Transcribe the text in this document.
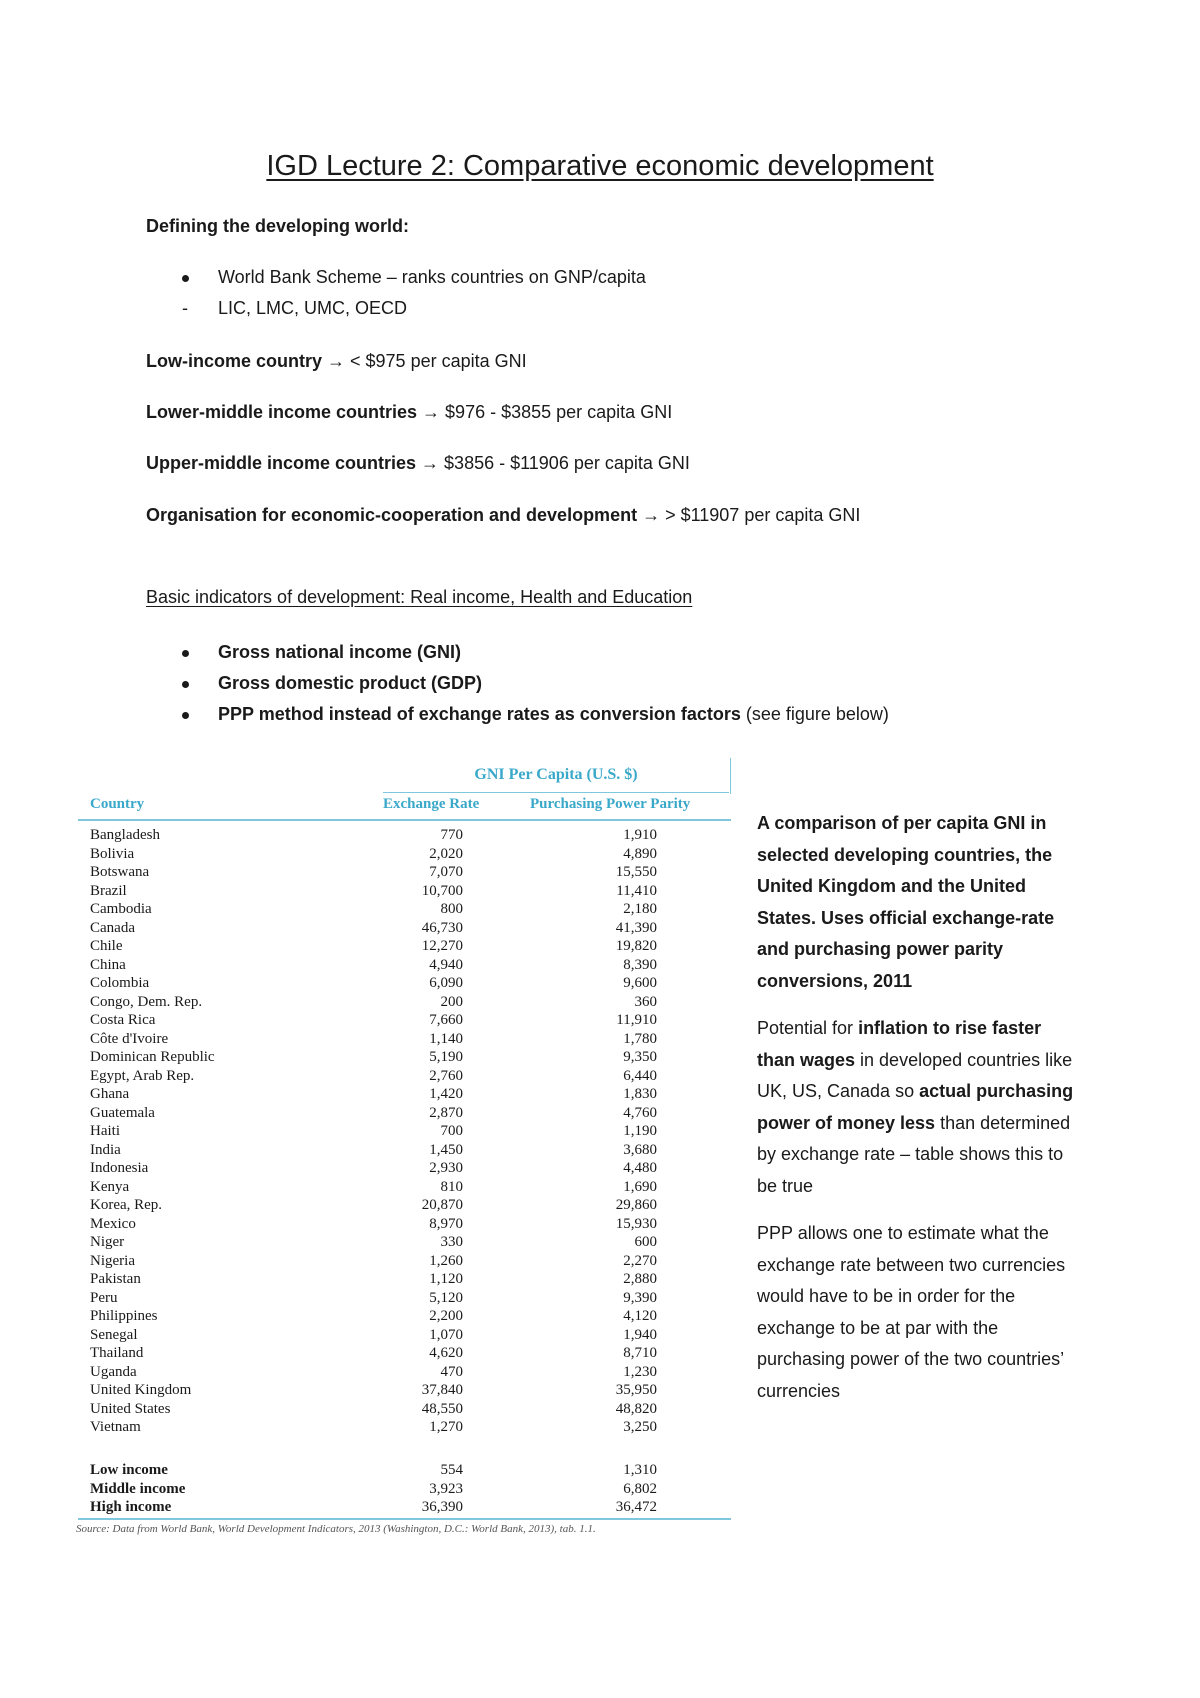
IGD Lecture 2: Comparative economic development
Defining the developing world:
World Bank Scheme – ranks countries on GNP/capita
- LIC, LMC, UMC, OECD
Low-income country → < $975 per capita GNI
Lower-middle income countries → $976 - $3855 per capita GNI
Upper-middle income countries → $3856 - $11906 per capita GNI
Organisation for economic-cooperation and development → > $11907 per capita GNI
Basic indicators of development: Real income, Health and Education
Gross national income (GNI)
Gross domestic product (GDP)
PPP method instead of exchange rates as conversion factors (see figure below)
GNI Per Capita (U.S. $)
Country	Exchange Rate	Purchasing Power Parity
Bangladesh	770	1,910
Bolivia	2,020	4,890
Botswana	7,070	15,550
Brazil	10,700	11,410
Cambodia	800	2,180
Canada	46,730	41,390
Chile	12,270	19,820
China	4,940	8,390
Colombia	6,090	9,600
Congo, Dem. Rep.	200	360
Costa Rica	7,660	11,910
Côte d'Ivoire	1,140	1,780
Dominican Republic	5,190	9,350
Egypt, Arab Rep.	2,760	6,440
Ghana	1,420	1,830
Guatemala	2,870	4,760
Haiti	700	1,190
India	1,450	3,680
Indonesia	2,930	4,480
Kenya	810	1,690
Korea, Rep.	20,870	29,860
Mexico	8,970	15,930
Niger	330	600
Nigeria	1,260	2,270
Pakistan	1,120	2,880
Peru	5,120	9,390
Philippines	2,200	4,120
Senegal	1,070	1,940
Thailand	4,620	8,710
Uganda	470	1,230
United Kingdom	37,840	35,950
United States	48,550	48,820
Vietnam	1,270	3,250
Low income	554	1,310
Middle income	3,923	6,802
High income	36,390	36,472
Source: Data from World Bank, World Development Indicators, 2013 (Washington, D.C.: World Bank, 2013), tab. 1.1.

A comparison of per capita GNI in selected developing countries, the United Kingdom and the United States. Uses official exchange-rate and purchasing power parity conversions, 2011

Potential for inflation to rise faster than wages in developed countries like UK, US, Canada so actual purchasing power of money less than determined by exchange rate – table shows this to be true

PPP allows one to estimate what the exchange rate between two currencies would have to be in order for the exchange to be at par with the purchasing power of the two countries’ currencies
